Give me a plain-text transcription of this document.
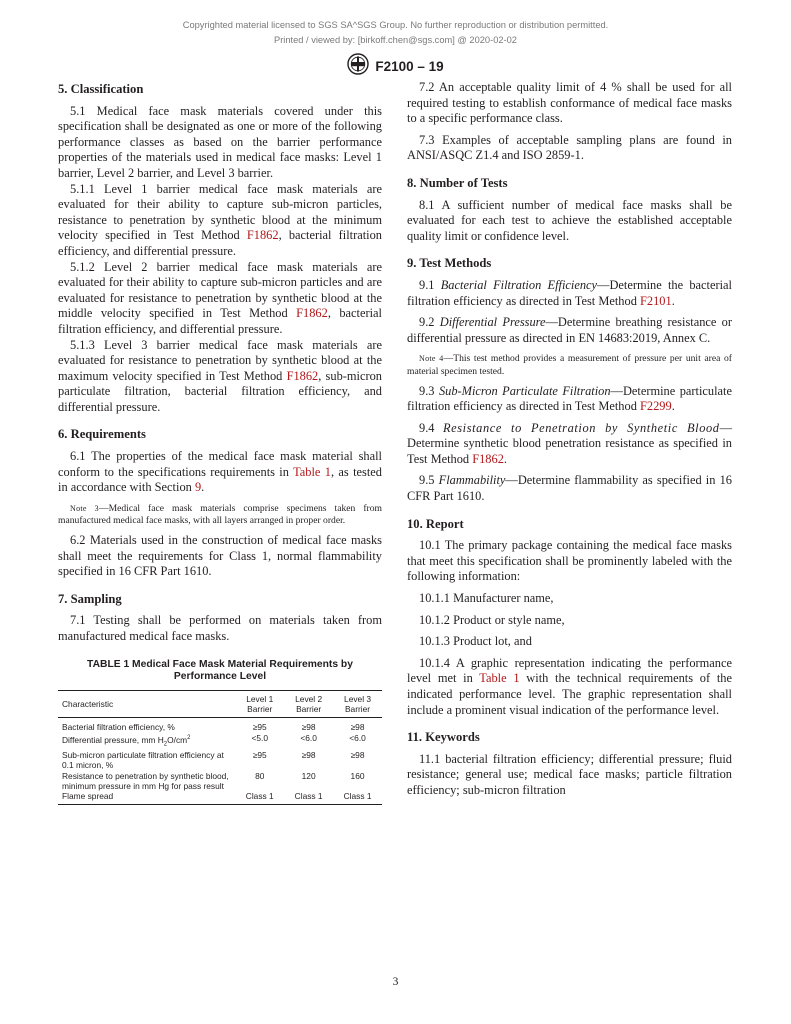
Copyrighted material licensed to SGS SA^SGS Group. No further reproduction or distribution permitted.
Printed / viewed by: [birkoff.chen@sgs.com] @ 2020-02-02
F2100 – 19
5. Classification

5.1 Medical face mask materials covered under this specification shall be designated as one or more of the following performance classes as based on the barrier performance properties of the materials used in medical face masks: Level 1 barrier, Level 2 barrier, and Level 3 barrier.

5.1.1 Level 1 barrier medical face mask materials are evaluated for their ability to capture sub-micron particles, resistance to penetration by synthetic blood at the minimum velocity specified in Test Method F1862, bacterial filtration efficiency, and differential pressure.

5.1.2 Level 2 barrier medical face mask materials are evaluated for their ability to capture sub-micron particles and are evaluated for resistance to penetration by synthetic blood at the middle velocity specified in Test Method F1862, bacterial filtration efficiency, and differential pressure.

5.1.3 Level 3 barrier medical face mask materials are evaluated for resistance to penetration by synthetic blood at the maximum velocity specified in Test Method F1862, sub-micron particulate filtration, bacterial filtration efficiency, and differential pressure.

6. Requirements

6.1 The properties of the medical face mask material shall conform to the specifications requirements in Table 1, as tested in accordance with Section 9.

Note 3—Medical face mask materials comprise specimens taken from manufactured medical face masks, with all layers arranged in proper order.

6.2 Materials used in the construction of medical face masks shall meet the requirements for Class 1, normal flammability specified in 16 CFR Part 1610.

7. Sampling

7.1 Testing shall be performed on materials taken from manufactured medical face masks.

TABLE 1 Medical Face Mask Material Requirements by Performance Level
Characteristic	Level 1 Barrier	Level 2 Barrier	Level 3 Barrier
Bacterial filtration efficiency, %	≥95	≥98	≥98
Differential pressure, mm $H_2O/cm^2$	<5.0	<6.0	<6.0
Sub-micron particulate filtration efficiency at 0.1 micron, %	≥95	≥98	≥98
Resistance to penetration by synthetic blood, minimum pressure in mm Hg for pass result	80	120	160
Flame spread	Class 1	Class 1	Class 1

7.2 An acceptable quality limit of 4 % shall be used for all required testing to establish conformance of medical face masks to a specific performance class.

7.3 Examples of acceptable sampling plans are found in ANSI/ASQC Z1.4 and ISO 2859-1.

8. Number of Tests

8.1 A sufficient number of medical face masks shall be evaluated for each test to achieve the established acceptable quality limit or confidence level.

9. Test Methods

9.1 Bacterial Filtration Efficiency—Determine the bacterial filtration efficiency as directed in Test Method F2101.

9.2 Differential Pressure—Determine breathing resistance or differential pressure as directed in EN 14683:2019, Annex C.

Note 4—This test method provides a measurement of pressure per unit area of material specimen tested.

9.3 Sub-Micron Particulate Filtration—Determine particulate filtration efficiency as directed in Test Method F2299.

9.4 Resistance to Penetration by Synthetic Blood—Determine synthetic blood penetration resistance as specified in Test Method F1862.

9.5 Flammability—Determine flammability as specified in 16 CFR Part 1610.

10. Report

10.1 The primary package containing the medical face masks that meet this specification shall be prominently labeled with the following information:

10.1.1 Manufacturer name,

10.1.2 Product or style name,

10.1.3 Product lot, and

10.1.4 A graphic representation indicating the performance level met in Table 1 with the technical requirements of the indicated performance level. The graphic representation shall include a prominent visual indication of the performance level.

11. Keywords

11.1 bacterial filtration efficiency; differential pressure; fluid resistance; general use; medical face masks; particle filtration efficiency; sub-micron filtration

3
